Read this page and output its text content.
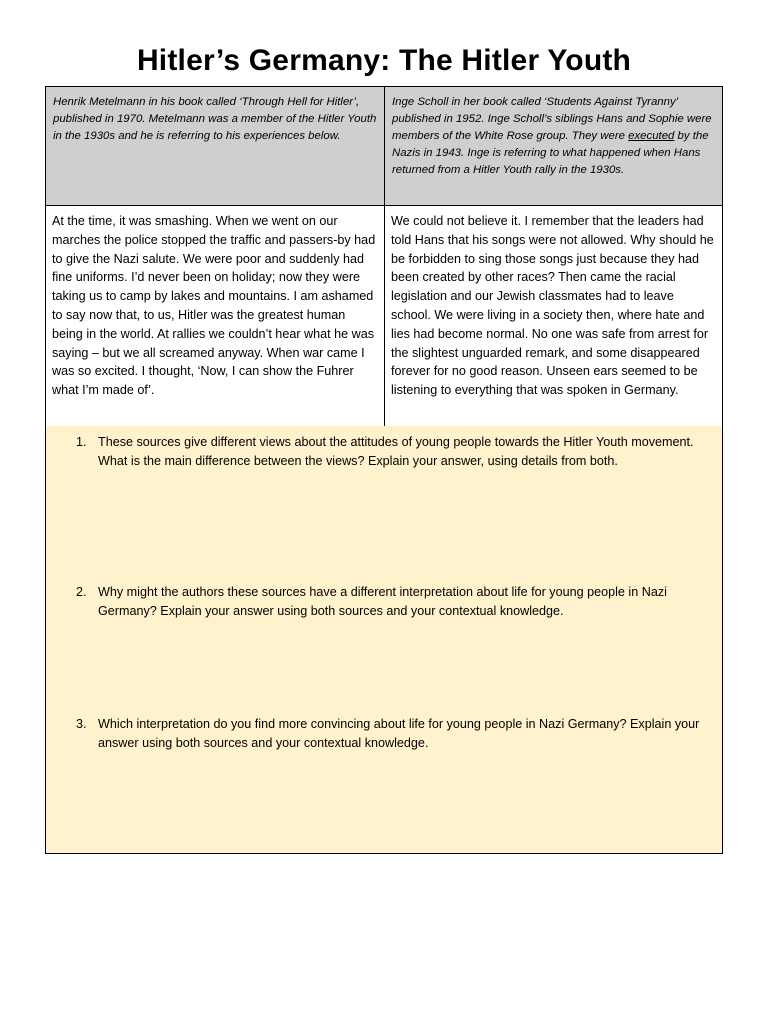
Hitler’s Germany: The Hitler Youth
Henrik Metelmann in his book called ‘Through Hell for Hitler’, published in 1970. Metelmann was a member of the Hitler Youth in the 1930s and he is referring to his experiences below.
Inge Scholl in her book called ‘Students Against Tyranny’ published in 1952. Inge Scholl’s siblings Hans and Sophie were members of the White Rose group. They were executed by the Nazis in 1943. Inge is referring to what happened when Hans returned from a Hitler Youth rally in the 1930s.
At the time, it was smashing. When we went on our marches the police stopped the traffic and passers-by had to give the Nazi salute. We were poor and suddenly had fine uniforms. I’d never been on holiday; now they were taking us to camp by lakes and mountains. I am ashamed to say now that, to us, Hitler was the greatest human being in the world. At rallies we couldn’t hear what he was saying – but we all screamed anyway. When war came I was so excited. I thought, ‘Now, I can show the Fuhrer what I’m made of’.
We could not believe it. I remember that the leaders had told Hans that his songs were not allowed. Why should he be forbidden to sing those songs just because they had been created by other races? Then came the racial legislation and our Jewish classmates had to leave school. We were living in a society then, where hate and lies had become normal. No one was safe from arrest for the slightest unguarded remark, and some disappeared forever for no good reason. Unseen ears seemed to be listening to everything that was spoken in Germany.
1. These sources give different views about the attitudes of young people towards the Hitler Youth movement. What is the main difference between the views? Explain your answer, using details from both.
2. Why might the authors these sources have a different interpretation about life for young people in Nazi Germany? Explain your answer using both sources and your contextual knowledge.
3. Which interpretation do you find more convincing about life for young people in Nazi Germany? Explain your answer using both sources and your contextual knowledge.
